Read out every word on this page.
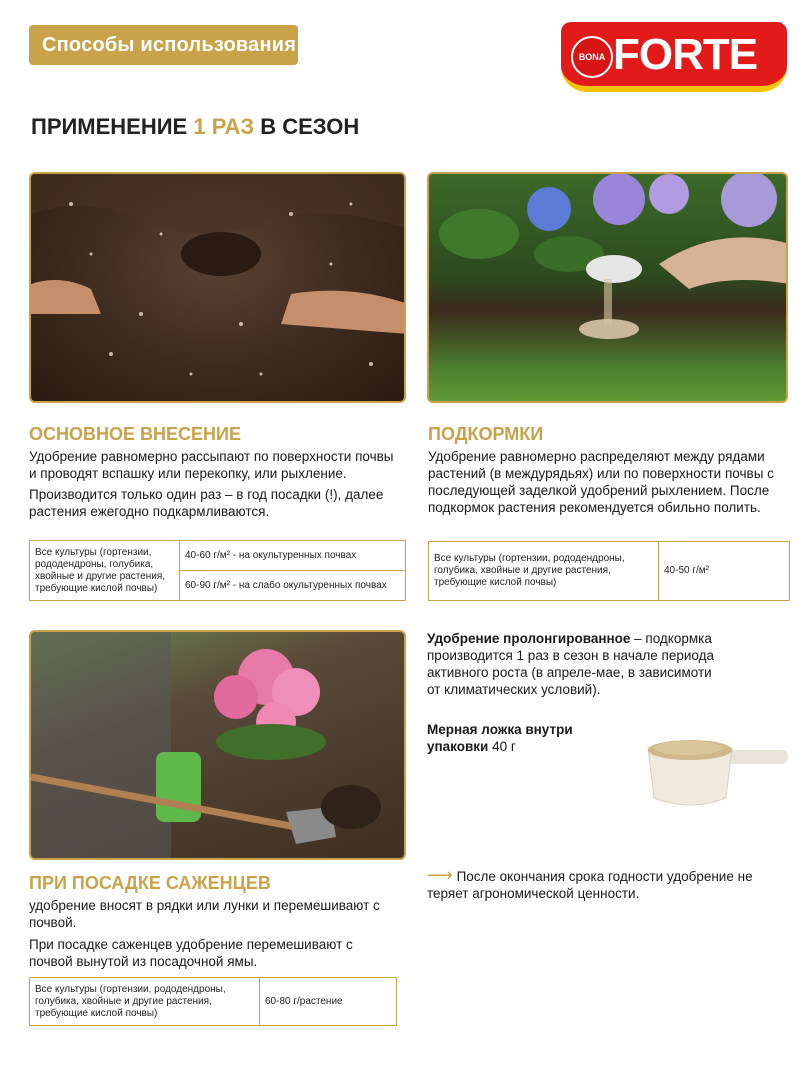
Способы использования
BONA FORTE
ПРИМЕНЕНИЕ 1 РАЗ В СЕЗОН
ОСНОВНОЕ ВНЕСЕНИЕ
Удобрение равномерно рассыпают по поверхности почвы и проводят вспашку или перекопку, или рыхление.
Производится только один раз – в год посадки (!), далее растения ежегодно подкармливаются.
Все культуры (гортензии, рододендроны, голубика, хвойные и другие растения, требующие кислой почвы)	40-60 г/м² - на окультуренных почвах
60-90 г/м² - на слабо окультуренных почвах
ПОДКОРМКИ
Удобрение равномерно распределяют между рядами растений (в междурядьях) или по поверхности почвы с последующей заделкой удобрений рыхлением. После подкормок растения рекомендуется обильно полить.
Все культуры (гортензии, рододендроны, голубика, хвойные и другие растения, требующие кислой почвы)	40-50 г/м²
Удобрение пролонгированное – подкормка производится 1 раз в сезон в начале периода активного роста (в апреле-мае, в зависимоти от климатических условий).
Мерная ложка внутри упаковки 40 г
⟶ После окончания срока годности удобрение не теряет агрономической ценности.
ПРИ ПОСАДКЕ САЖЕНЦЕВ
удобрение вносят в рядки или лунки и перемешивают с почвой.
При посадке саженцев удобрение перемешивают с почвой вынутой из посадочной ямы.
Все культуры (гортензии, рододендроны, голубика, хвойные и другие растения, требующие кислой почвы)	60-80 г/растение
